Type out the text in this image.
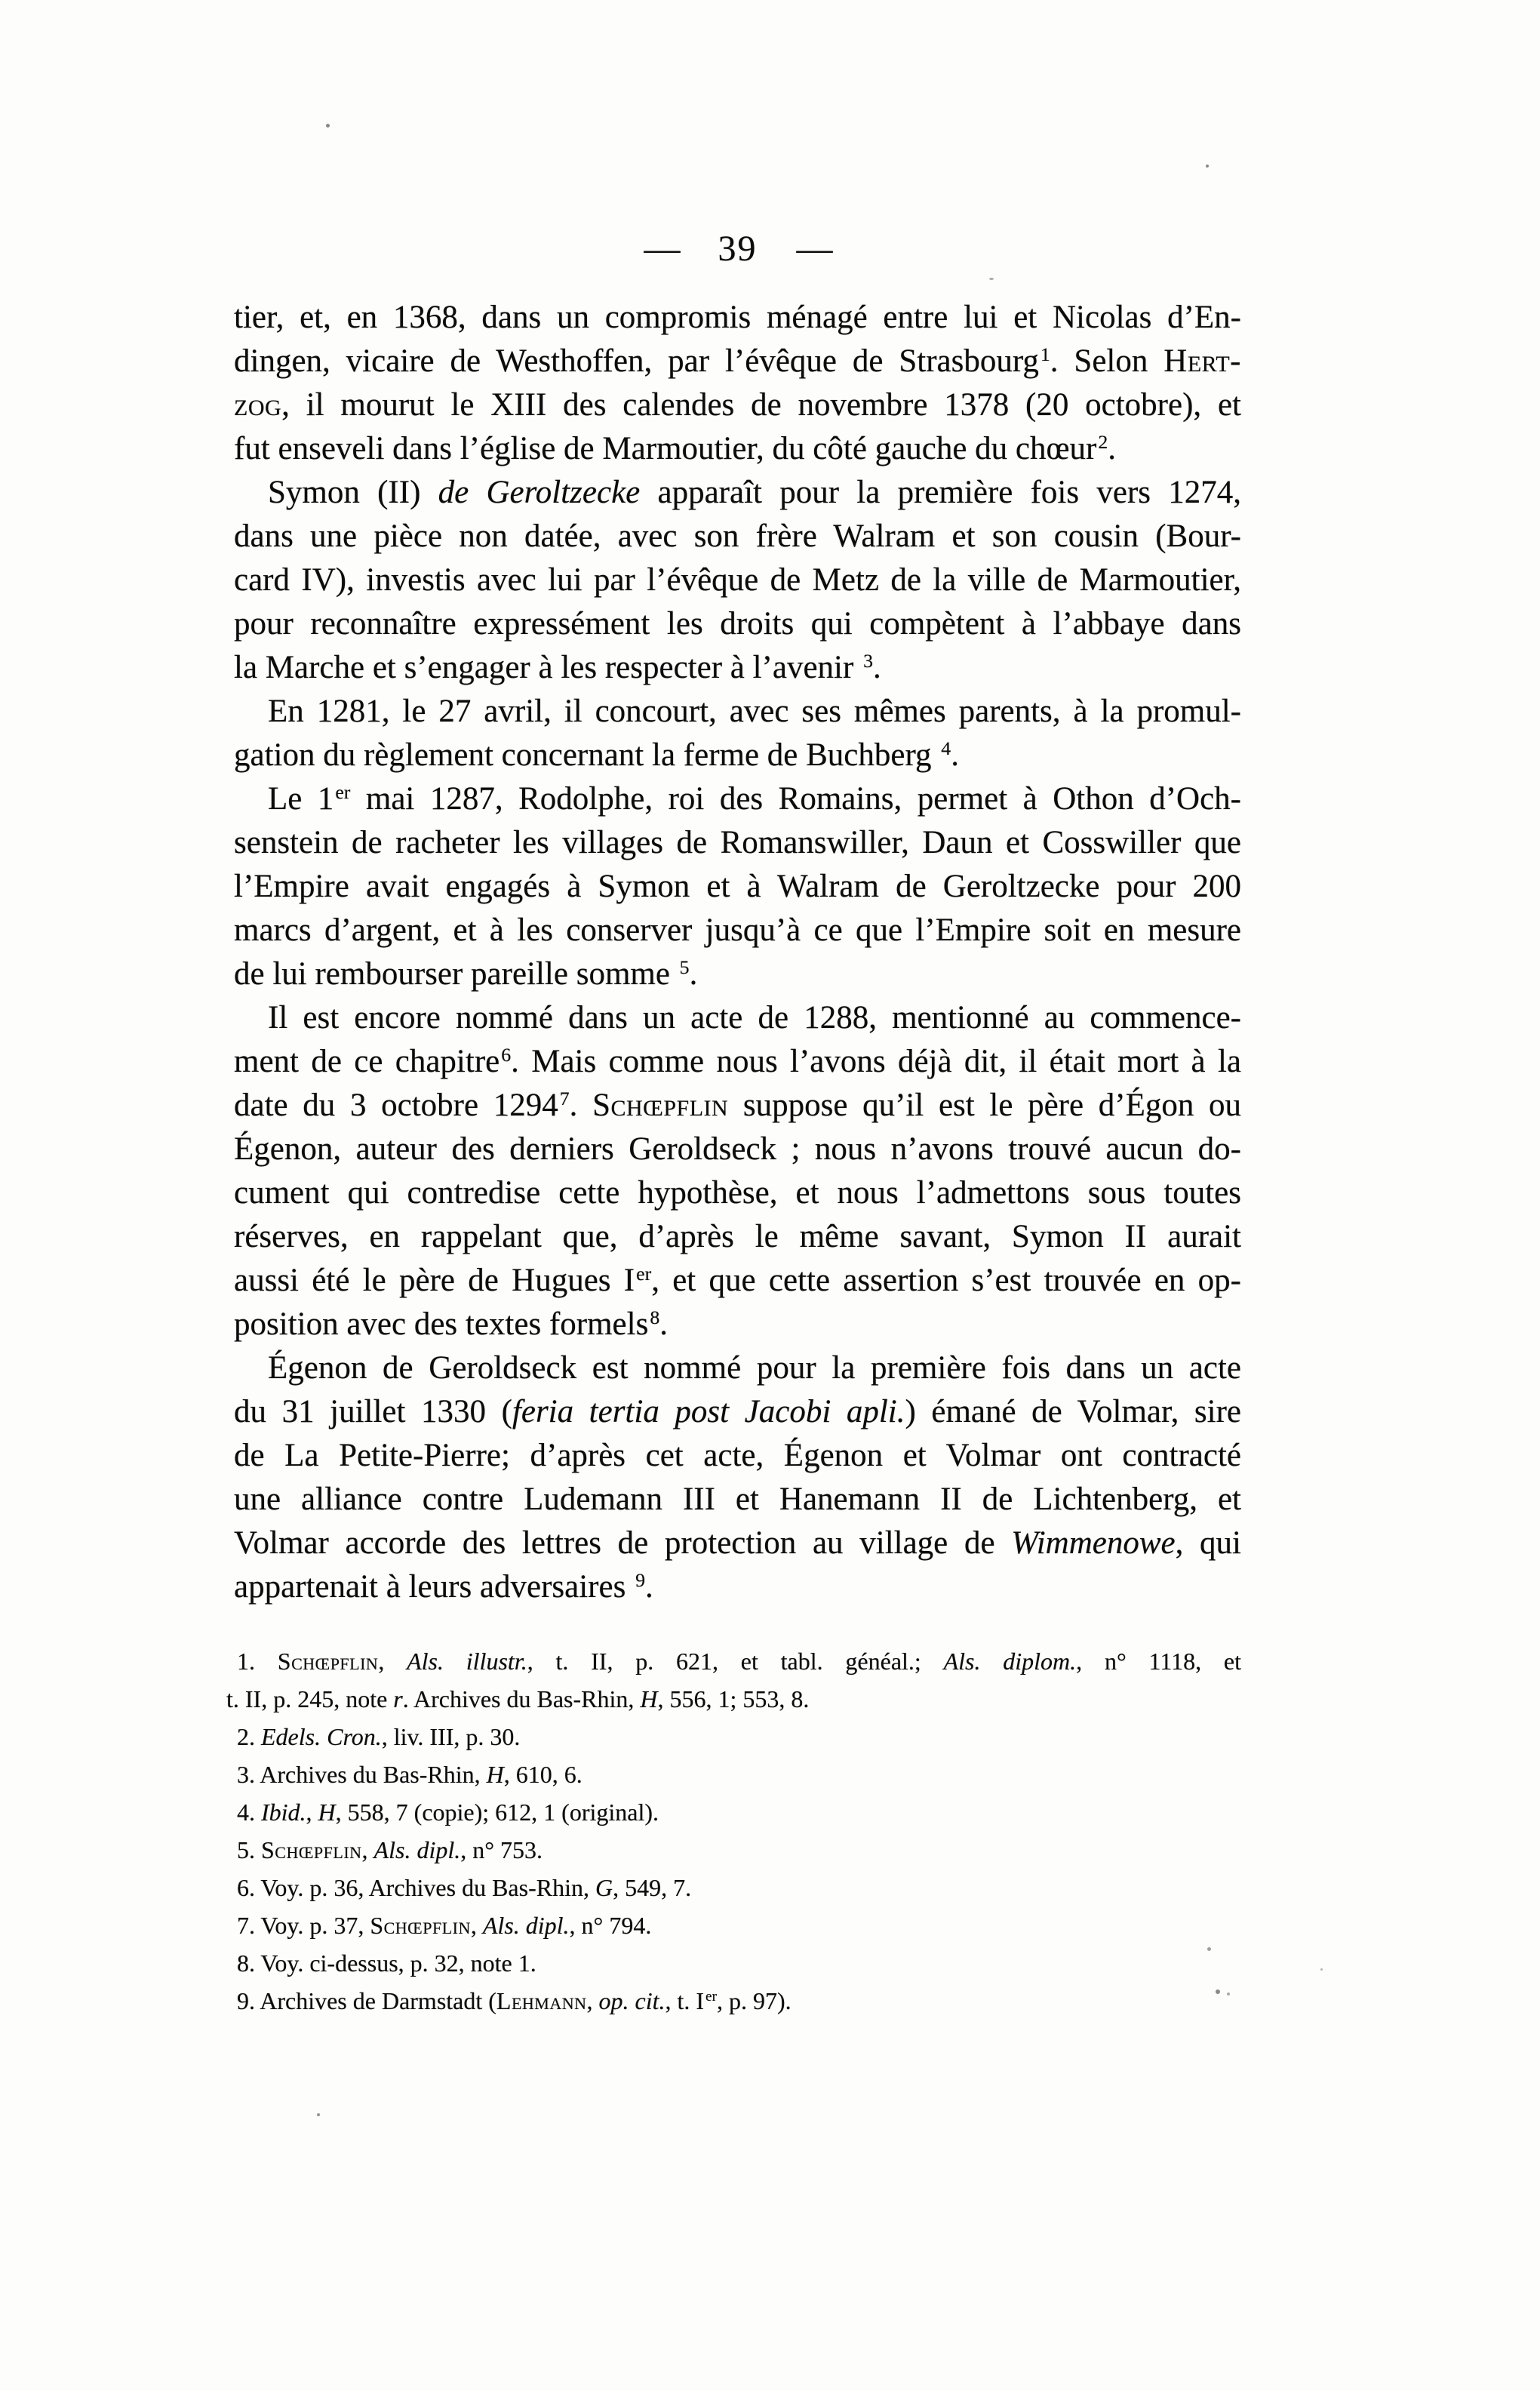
— 39 —
tier, et, en 1368, dans un compromis ménagé entre lui et Nicolas d’En-
dingen, vicaire de Westhoffen, par l’évêque de Strasbourg$^1$. Selon Hert-
zog, il mourut le XIII des calendes de novembre 1378 (20 octobre), et
fut enseveli dans l’église de Marmoutier, du côté gauche du chœur$^2$.
Symon (II) de Geroltzecke apparaît pour la première fois vers 1274,
dans une pièce non datée, avec son frère Walram et son cousin (Bour-
card IV), investis avec lui par l’évêque de Metz de la ville de Marmoutier,
pour reconnaître expressément les droits qui compètent à l’abbaye dans
la Marche et s’engager à les respecter à l’avenir $^3$.
En 1281, le 27 avril, il concourt, avec ses mêmes parents, à la promul-
gation du règlement concernant la ferme de Buchberg $^4$.
Le 1er mai 1287, Rodolphe, roi des Romains, permet à Othon d’Och-
senstein de racheter les villages de Romanswiller, Daun et Cosswiller que
l’Empire avait engagés à Symon et à Walram de Geroltzecke pour 200
marcs d’argent, et à les conserver jusqu’à ce que l’Empire soit en mesure
de lui rembourser pareille somme $^5$.
Il est encore nommé dans un acte de 1288, mentionné au commence-
ment de ce chapitre$^6$. Mais comme nous l’avons déjà dit, il était mort à la
date du 3 octobre 1294$^7$. Schœpflin suppose qu’il est le père d’Égon ou
Égenon, auteur des derniers Geroldseck ; nous n’avons trouvé aucun do-
cument qui contredise cette hypothèse, et nous l’admettons sous toutes
réserves, en rappelant que, d’après le même savant, Symon II aurait
aussi été le père de Hugues Ier, et que cette assertion s’est trouvée en op-
position avec des textes formels$^8$.
Égenon de Geroldseck est nommé pour la première fois dans un acte
du 31 juillet 1330 (feria tertia post Jacobi apli.) émané de Volmar, sire
de La Petite-Pierre; d’après cet acte, Égenon et Volmar ont contracté
une alliance contre Ludemann III et Hanemann II de Lichtenberg, et
Volmar accorde des lettres de protection au village de Wimmenowe, qui
appartenait à leurs adversaires $^9$.
1. Schœpflin, Als. illustr., t. II, p. 621, et tabl. généal.; Als. diplom., n° 1118, et
t. II, p. 245, note r. Archives du Bas-Rhin, H, 556, 1; 553, 8.
2. Edels. Cron., liv. III, p. 30.
3. Archives du Bas-Rhin, H, 610, 6.
4. Ibid., H, 558, 7 (copie); 612, 1 (original).
5. Schœpflin, Als. dipl., n° 753.
6. Voy. p. 36, Archives du Bas-Rhin, G, 549, 7.
7. Voy. p. 37, Schœpflin, Als. dipl., n° 794.
8. Voy. ci-dessus, p. 32, note 1.
9. Archives de Darmstadt (Lehmann, op. cit., t. I $^{er}$, p. 97).
